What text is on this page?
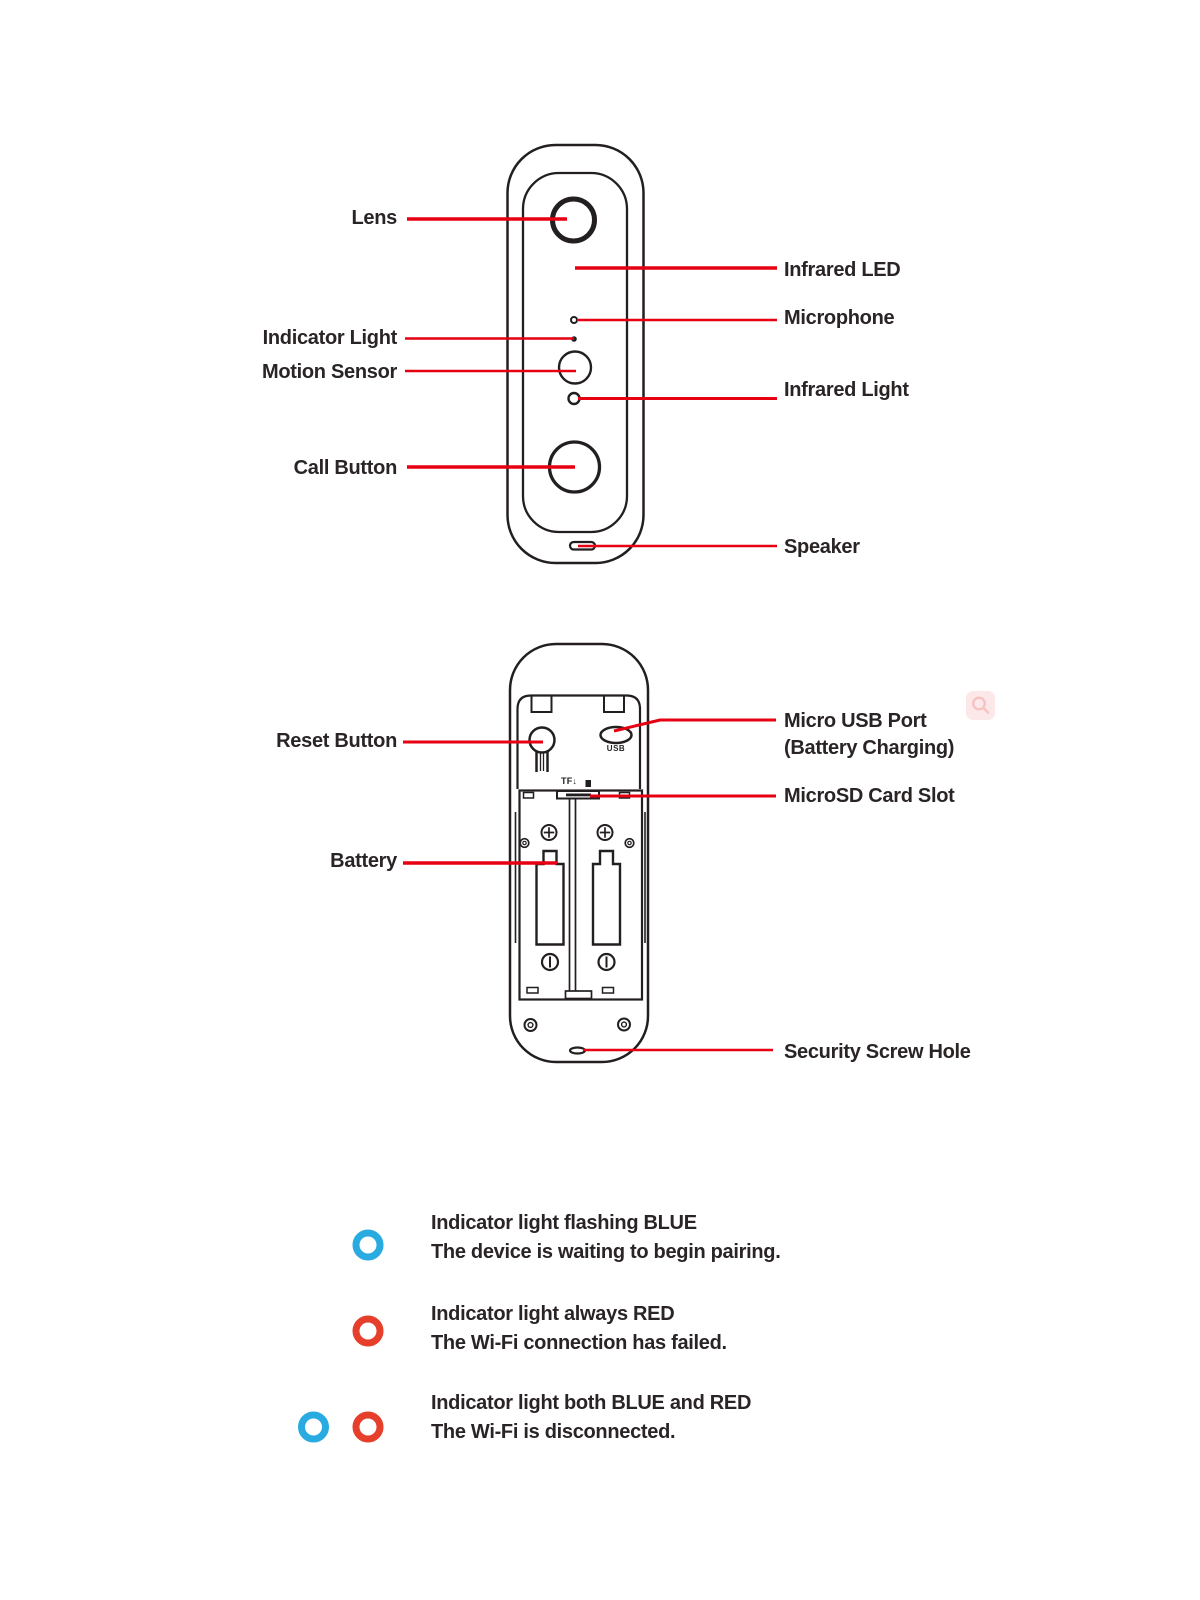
Lens
Indicator Light
Motion Sensor
Call Button
Infrared LED
Microphone
Infrared Light
Speaker
Reset Button
Battery
Micro USB Port
(Battery Charging)
MicroSD Card Slot
Security Screw Hole
USB
TF↓
Indicator light flashing BLUE
The device is waiting to begin pairing.
Indicator light always RED
The Wi-Fi connection has failed.
Indicator light both BLUE and RED
The Wi-Fi is disconnected.
